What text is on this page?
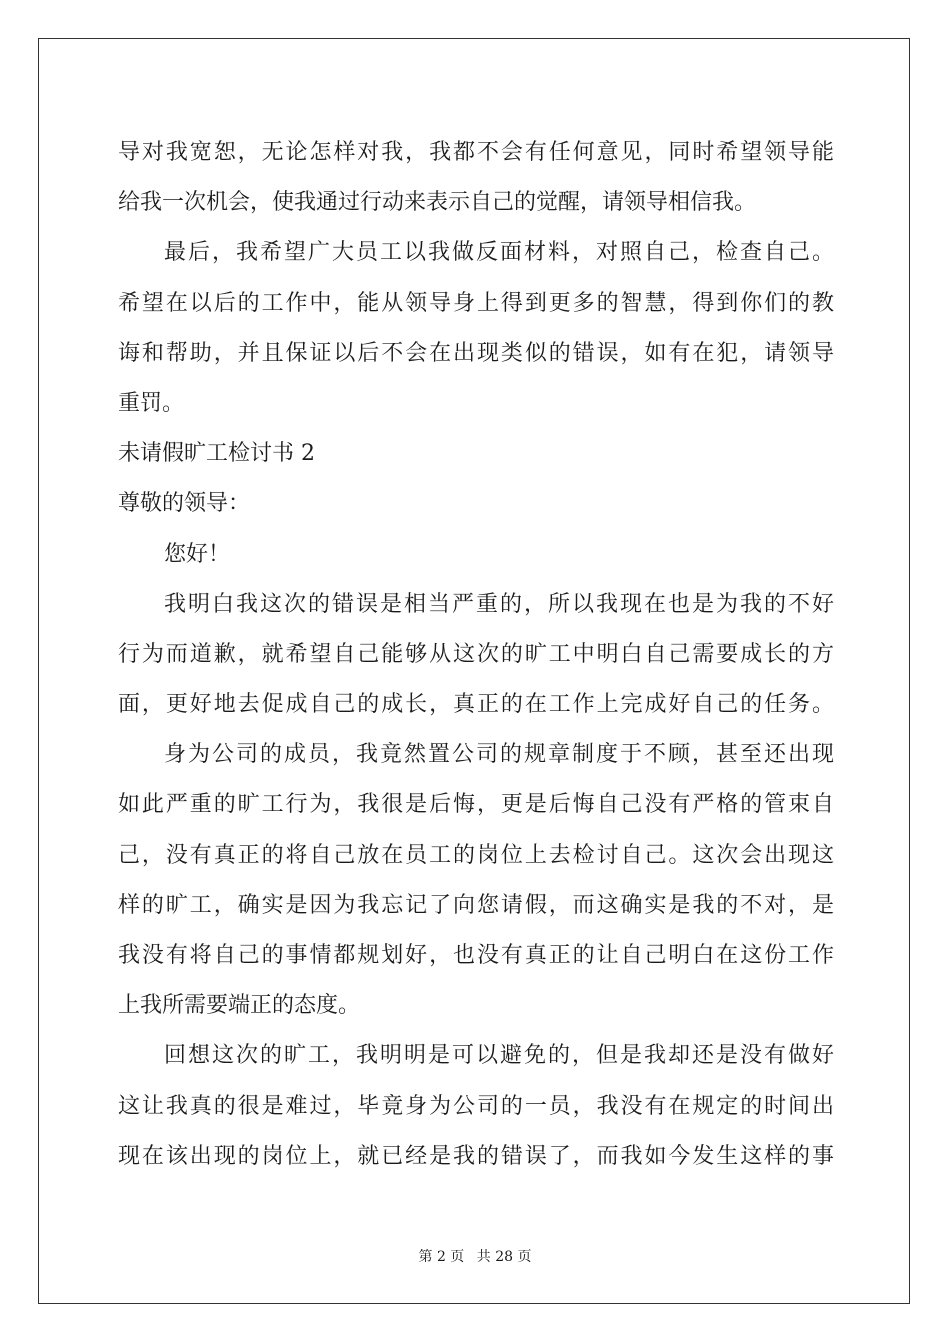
导对我宽恕，无论怎样对我，我都不会有任何意见，同时希望领导能
给我一次机会，使我通过行动来表示自己的觉醒，请领导相信我。
最后，我希望广大员工以我做反面材料，对照自己，检查自己。
希望在以后的工作中，能从领导身上得到更多的智慧，得到你们的教
诲和帮助，并且保证以后不会在出现类似的错误，如有在犯，请领导
重罚。
未请假旷工检讨书 2
尊敬的领导：
您好！
我明白我这次的错误是相当严重的，所以我现在也是为我的不好
行为而道歉，就希望自己能够从这次的旷工中明白自己需要成长的方
面，更好地去促成自己的成长，真正的在工作上完成好自己的任务。
身为公司的成员，我竟然置公司的规章制度于不顾，甚至还出现
如此严重的旷工行为，我很是后悔，更是后悔自己没有严格的管束自
己，没有真正的将自己放在员工的岗位上去检讨自己。这次会出现这
样的旷工，确实是因为我忘记了向您请假，而这确实是我的不对，是
我没有将自己的事情都规划好，也没有真正的让自己明白在这份工作
上我所需要端正的态度。
回想这次的旷工，我明明是可以避免的，但是我却还是没有做好
这让我真的很是难过，毕竟身为公司的一员，我没有在规定的时间出
现在该出现的岗位上，就已经是我的错误了，而我如今发生这样的事
第 2 页 共 28 页
